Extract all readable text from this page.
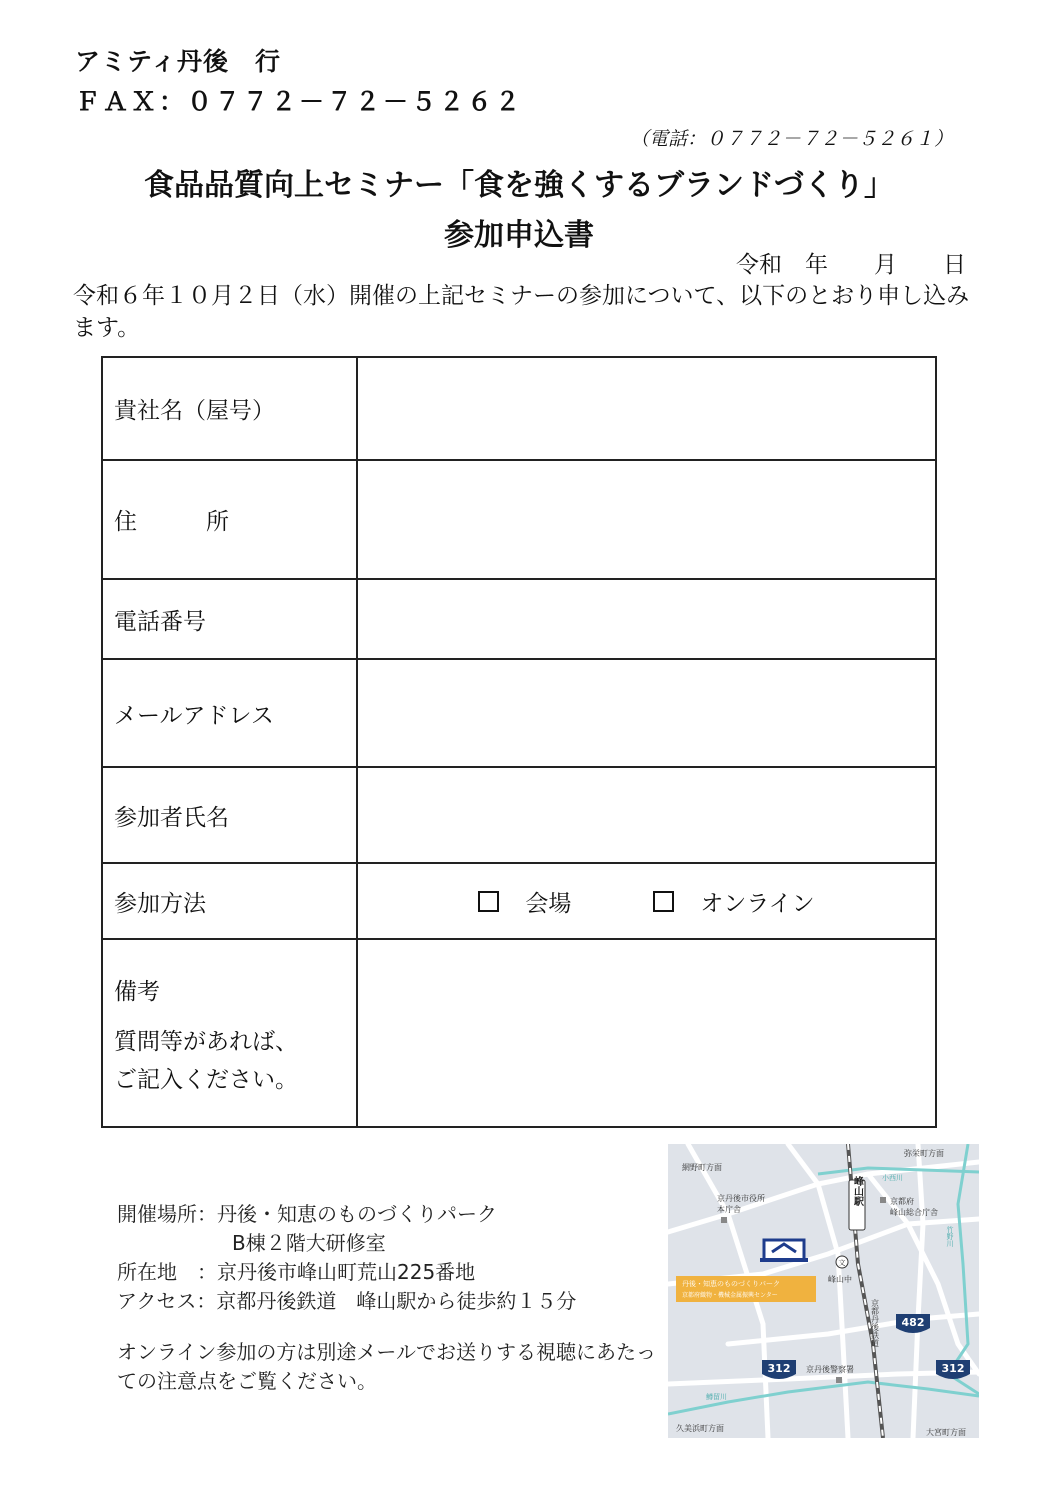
アミティ丹後　行
ＦＡＸ：０７７２－７２－５２６２
（電話：０７７２－７２－５２６１）
食品品質向上セミナー「食を強くするブランドづくり」
参加申込書
令和　年　　月　　日
令和６年１０月２日（水）開催の上記セミナーの参加について、以下のとおり申し込みます。
貴社名（屋号）	
住　　　所	
電話番号	
メールアドレス	
参加者氏名	
参加方法	会場 オンライン

備考
質問等があれば、
ご記入ください。	

開催場所：丹後・知恵のものづくりパーク
B棟２階大研修室
所在地　：京丹後市峰山町荒山225番地
アクセス：京都丹後鉄道　峰山駅から徒歩約１５分
オンライン参加の方は別途メールでお送りする視聴にあたっての注意点をご覧ください。
網野町方面
弥栄町方面
久美浜町方面	大宮町方面
京丹後市役所
本庁舎
京都府
峰山総合庁舎
峰山駅
文
峰山中
京丹後警察署
京都丹後鉄道
小西川
竹野川
鱒留川
丹後・知恵のものづくりパーク
京都府織物・機械金属振興センター
482
312	312
